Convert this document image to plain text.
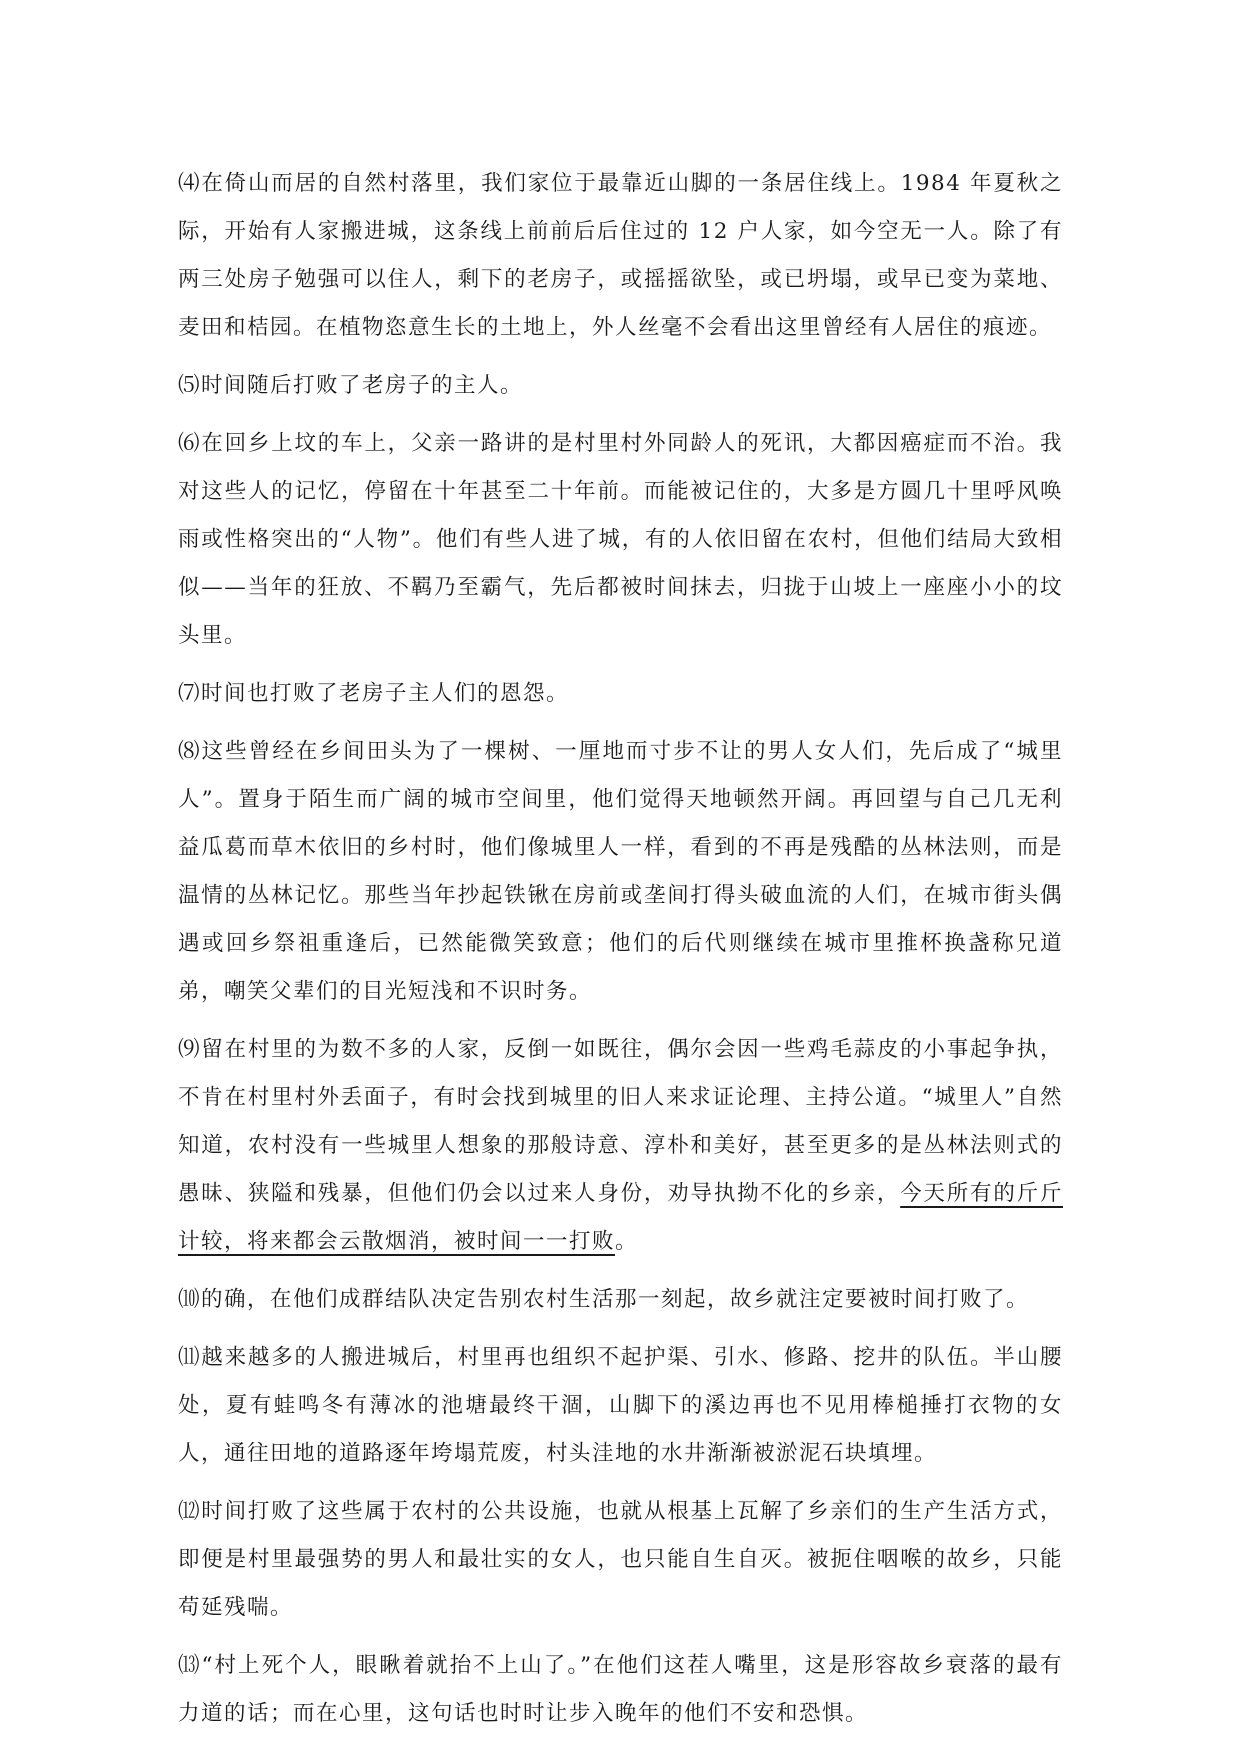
⑷在倚山而居的自然村落里，我们家位于最靠近山脚的一条居住线上。1984 年夏秋之际，开始有人家搬进城，这条线上前前后后住过的 12 户人家，如今空无一人。除了有两三处房子勉强可以住人，剩下的老房子，或摇摇欲坠，或已坍塌，或早已变为菜地、麦田和桔园。在植物恣意生长的土地上，外人丝毫不会看出这里曾经有人居住的痕迹。

⑸时间随后打败了老房子的主人。

⑹在回乡上坟的车上，父亲一路讲的是村里村外同龄人的死讯，大都因癌症而不治。我对这些人的记忆，停留在十年甚至二十年前。而能被记住的，大多是方圆几十里呼风唤雨或性格突出的“人物”。他们有些人进了城，有的人依旧留在农村，但他们结局大致相似——当年的狂放、不羁乃至霸气，先后都被时间抹去，归拢于山坡上一座座小小的坟头里。

⑺时间也打败了老房子主人们的恩怨。

⑻这些曾经在乡间田头为了一棵树、一厘地而寸步不让的男人女人们，先后成了“城里人”。置身于陌生而广阔的城市空间里，他们觉得天地顿然开阔。再回望与自己几无利益瓜葛而草木依旧的乡村时，他们像城里人一样，看到的不再是残酷的丛林法则，而是温情的丛林记忆。那些当年抄起铁锹在房前或垄间打得头破血流的人们，在城市街头偶遇或回乡祭祖重逢后，已然能微笑致意；他们的后代则继续在城市里推杯换盏称兄道弟，嘲笑父辈们的目光短浅和不识时务。

⑼留在村里的为数不多的人家，反倒一如既往，偶尔会因一些鸡毛蒜皮的小事起争执，不肯在村里村外丢面子，有时会找到城里的旧人来求证论理、主持公道。“城里人”自然知道，农村没有一些城里人想象的那般诗意、淳朴和美好，甚至更多的是丛林法则式的愚昧、狭隘和残暴，但他们仍会以过来人身份，劝导执拗不化的乡亲，今天所有的斤斤计较，将来都会云散烟消，被时间一一打败。

⑽的确，在他们成群结队决定告别农村生活那一刻起，故乡就注定要被时间打败了。

⑾越来越多的人搬进城后，村里再也组织不起护渠、引水、修路、挖井的队伍。半山腰处，夏有蛙鸣冬有薄冰的池塘最终干涸，山脚下的溪边再也不见用棒槌捶打衣物的女人，通往田地的道路逐年垮塌荒废，村头洼地的水井渐渐被淤泥石块填埋。

⑿时间打败了这些属于农村的公共设施，也就从根基上瓦解了乡亲们的生产生活方式，即便是村里最强势的男人和最壮实的女人，也只能自生自灭。被扼住咽喉的故乡，只能苟延残喘。

⒀“村上死个人，眼瞅着就抬不上山了。”在他们这茬人嘴里，这是形容故乡衰落的最有力道的话；而在心里，这句话也时时让步入晚年的他们不安和恐惧。
